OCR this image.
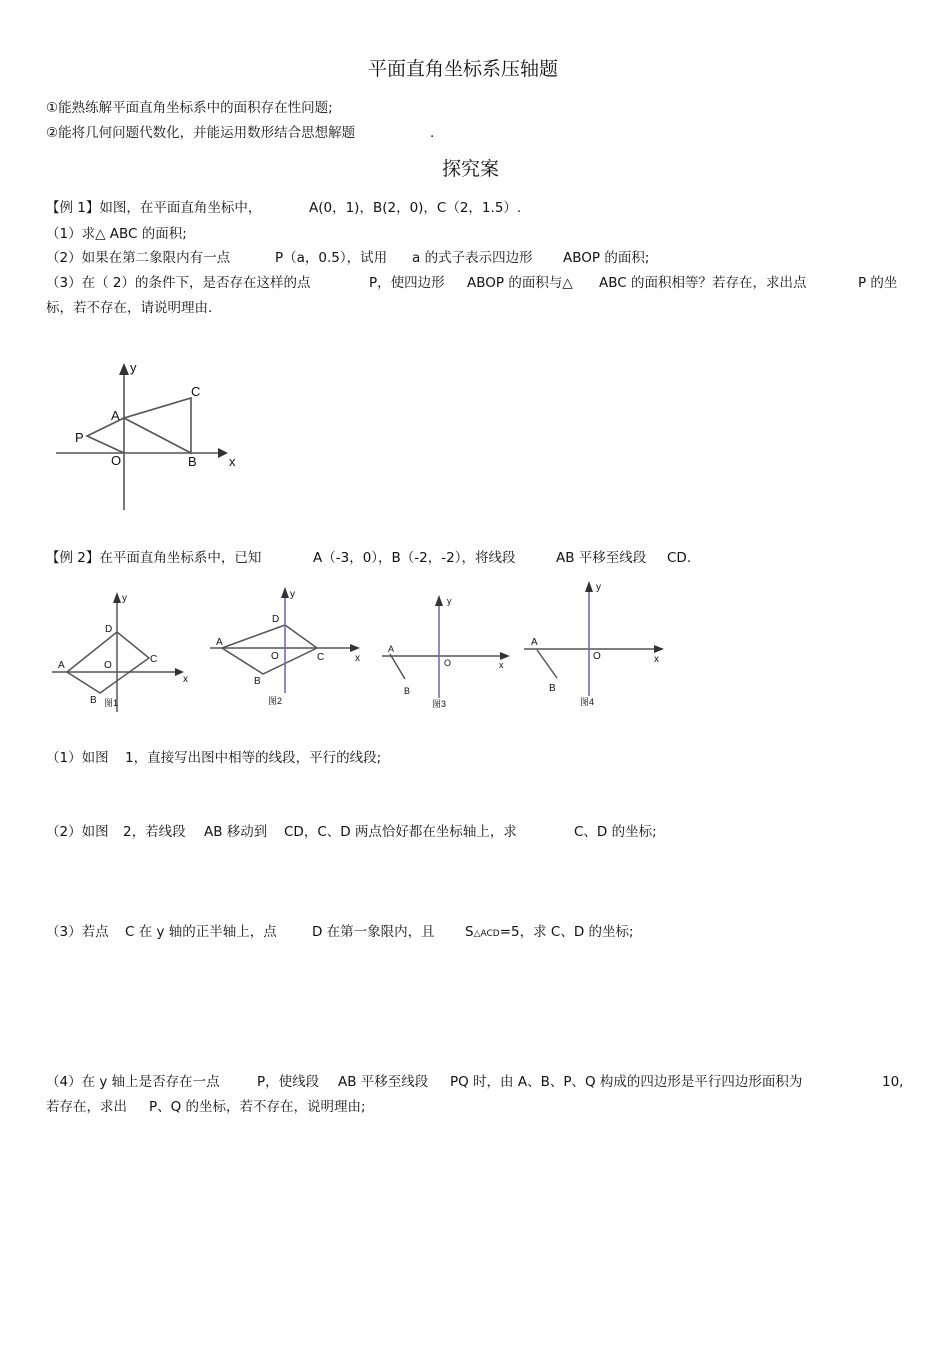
平面直角坐标系压轴题
①能熟练解平面直角坐标系中的面积存在性问题;
②能将几何问题代数化，并能运用数形结合思想解题	.
探究案
【例 1】如图，在平面直角坐标中，	A(0，1)，B(2，0)，C（2，1.5）.
（1）求△ ABC 的面积;
（2）如果在第二象限内有一点	P（a，0.5），试用 a 的式子表示四边形 ABOP 的面积;
（3）在（ 2）的条件下，是否存在这样的点	P，使四边形 ABOP 的面积与△ ABC 的面积相等？若存在，求出点	P 的坐
标，若不存在，请说明理由.
y
x
C
A
P
O	B
【例 2】在平面直角坐标系中，已知	A（-3，0），B（-2，-2），将线段	AB 平移至线段 CD.
y
x
D
A	O
C
B 图1
y
x
D
A
O	C
B
图2
y
x
A
O
B
图3
y
x
A
O
B
图4
（1）如图 1，直接写出图中相等的线段，平行的线段;
（2）如图 2，若线段 AB 移动到 CD，C、D 两点恰好都在坐标轴上，求	C、D 的坐标;
（3）若点 C 在 y 轴的正半轴上，点	D 在第一象限内，且 S△ACD=5，求 C、D 的坐标;
（4）在 y 轴上是否存在一点	P，使线段 AB 平移至线段 PQ 时，由 A、B、P、Q 构成的四边形是平行四边形面积为	10,
若存在，求出 P、Q 的坐标，若不存在，说明理由;
